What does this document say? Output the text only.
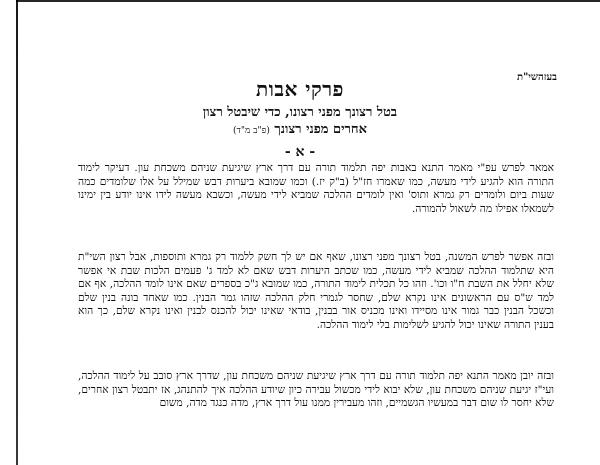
בעזהשי"ת
פרקי אבות
בטל רצונך מפני רצונו, כדי שיבטל רצון
אחרים מפני רצונך (פ"ב מ"ד)
- א -

אמאר לפרש עפ"י מאמר התנא באבות יפה תלמוד תורה עם דרך ארץ שיגיעת שניהם משכחת עון. דעיקר לימוד התורה הוא להגיע לידי מעשה, כמו שאמרו חז"ל (ב"ק יז.) וכמו שמובא ביערות דבש שמילל על אלו שלומדים כמה שעות ביום ולומדים רק גמרא ותוס' ואין לומדים ההלכה שמביא לידי מעשה, וכשבא מעשה לידו אינו יודע בין ימינו לשמאלו אפילו מה לשאול להמורה.

ובזה אפשר לפרש המשנה, בטל רצונך מפני רצונו, שאף אם יש לך חשק ללמוד רק גמרא ותוספות, אבל רצון השי"ת היא שתלמוד ההלכה שמביא לידי מעשה, כמו שכתב היערות דבש שאם לא למד ג' פעמים הלכות שבת אי אפשר שלא יחלל את השבת ח"ו וכו'. וזהו כל תכלית לימוד התורה, כמו שמובא ג"כ בספרים שאם אינו לומד ההלכה, אף אם למד ש"ס עם הראשונים אינו נקרא שלם, שחסר לגמרי חלק ההלכה שזהו גמר הבנין. כמו שאחד בונה בנין שלם וכשכל הבנין כבר גמור אינו מסיידו ואינו מכניס אור בבנין, בודאי שאינו יכול להכנס לבנין ואינו נקרא שלם, כך הוא בענין התורה שאינו יכול להגיע לשלימות בלי לימוד ההלכה.

ובזה יובן מאמר התנא יפה תלמוד תורה עם דרך ארץ שיגיעת שניהם משכחת עון, שדרך ארץ סובב על לימוד ההלכה, ועי"ז יגיעת שניהם משכחת עון, שלא יבוא לידי מכשול עבירה כיון שיודע ההלכה איך להתנהג, אז יתבטל רצון אחרים, שלא יחסר לו שום דבר במעשיו הגשמיים, וזהו מעבירין ממנו עול דרך ארץ, מדה כנגד מדה, משום
